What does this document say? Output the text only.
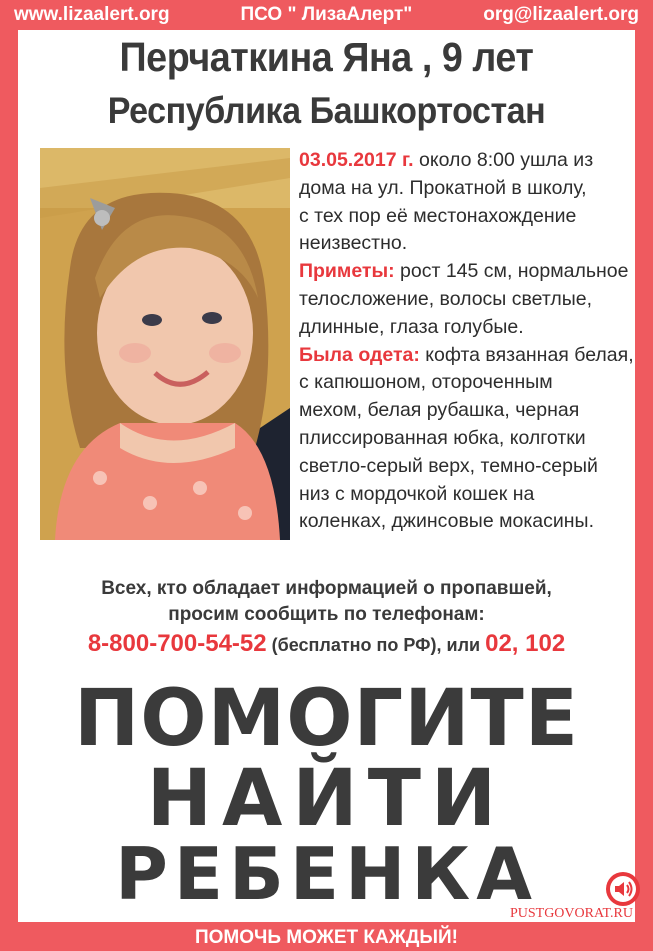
www.lizaalert.org	ПСО " ЛизаАлерт"	org@lizaalert.org
Перчаткина Яна , 9 лет
Республика Башкортостан

03.05.2017 г. около 8:00 ушла из

дома на ул. Прокатной в школу,

с тех пор её местонахождение

неизвестно.

Приметы: рост 145 см, нормальное

телосложение, волосы светлые,

длинные, глаза голубые.

Была одета: кофта вязанная белая,

с капюшоном, отороченным

мехом, белая рубашка, черная

плиссированная юбка, колготки

светло-серый верх, темно-серый

низ с мордочкой кошек на

коленках, джинсовые мокасины.

Всех, кто обладает информацией о пропавшей,
просим сообщить по телефонам:
8-800-700-54-52 (бесплатно по РФ), или 02, 102
ПОМОГИТЕ
НАЙТИ
РЕБЕНКА
PUSTGOVORAT.RU
ПОМОЧЬ МОЖЕТ КАЖДЫЙ!
